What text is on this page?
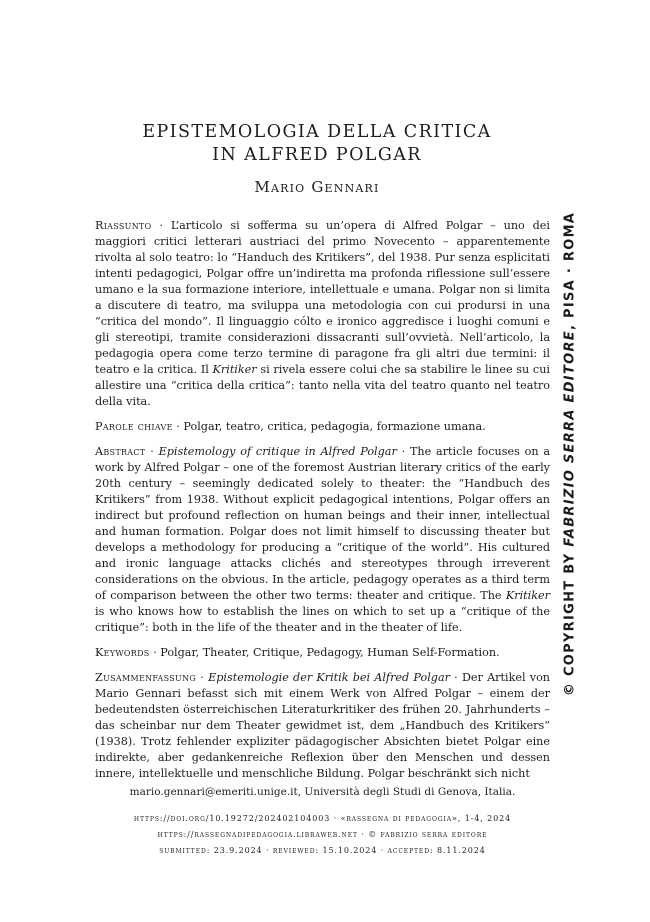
EPISTEMOLOGIA DELLA CRITICA
IN ALFRED POLGAR
Mario Gennari

Riassunto · L’articolo si sofferma su un’opera di Alfred Polgar – uno dei maggiori critici letterari austriaci del primo Novecento – apparentemente rivolta al solo teatro: lo “Handuch des Kritikers”, del 1938. Pur senza esplicitati intenti pedagogici, Polgar offre un’indiretta ma profonda riflessione sull’essere umano e la sua formazione interiore, intellettuale e umana. Polgar non si limita a discutere di teatro, ma sviluppa una metodologia con cui prodursi in una “critica del mondo”. Il linguaggio cólto e ironico aggredisce i luoghi comuni e gli stereotipi, tramite considerazioni dissacranti sull’ovvietà. Nell’articolo, la pedagogia opera come terzo termine di paragone fra gli altri due termini: il teatro e la critica. Il Kritiker si rivela essere colui che sa stabilire le linee su cui allestire una “critica della critica”: tanto nella vita del teatro quanto nel teatro della vita.

Parole chiave · Polgar, teatro, critica, pedagogia, formazione umana.

Abstract · Epistemology of critique in Alfred Polgar · The article focuses on a work by Alfred Polgar – one of the foremost Austrian literary critics of the early 20th century – seemingly dedicated solely to theater: the “Handbuch des Kritikers” from 1938. Without explicit pedagogical intentions, Polgar offers an indirect but profound reflection on human beings and their inner, intellectual and human formation. Polgar does not limit himself to discussing theater but develops a methodology for producing a “critique of the world”. His cultured and ironic language attacks clichés and stereotypes through irreverent considerations on the obvious. In the article, pedagogy operates as a third term of comparison between the other two terms: theater and critique. The Kritiker is who knows how to establish the lines on which to set up a “critique of the critique”: both in the life of the theater and in the theater of life.

Keywords · Polgar, Theater, Critique, Pedagogy, Human Self-Formation.

Zusammenfassung · Epistemologie der Kritik bei Alfred Polgar · Der Artikel von Mario Gennari befasst sich mit einem Werk von Alfred Polgar – einem der bedeutendsten österreichischen Literaturkritiker des frühen 20. Jahrhunderts – das scheinbar nur dem Theater gewidmet ist, dem „Handbuch des Kritikers“ (1938). Trotz fehlender expliziter pädagogischer Absichten bietet Polgar eine indirekte, aber gedankenreiche Reflexion über den Menschen und dessen innere, intellektuelle und menschliche Bildung. Polgar beschränkt sich nicht

mario.gennari@emeriti.unige.it, Università degli Studi di Genova, Italia.
https://doi.org/10.19272/202402104003 · «rassegna di pedagogia», 1-4, 2024
https://rassegnadipedagogia.libraweb.net · © fabrizio serra editore
submitted: 23.9.2024 · reviewed: 15.10.2024 · accepted: 8.11.2024
© COPYRIGHT BY FABRIZIO SERRA EDITORE, PISA · ROMA
